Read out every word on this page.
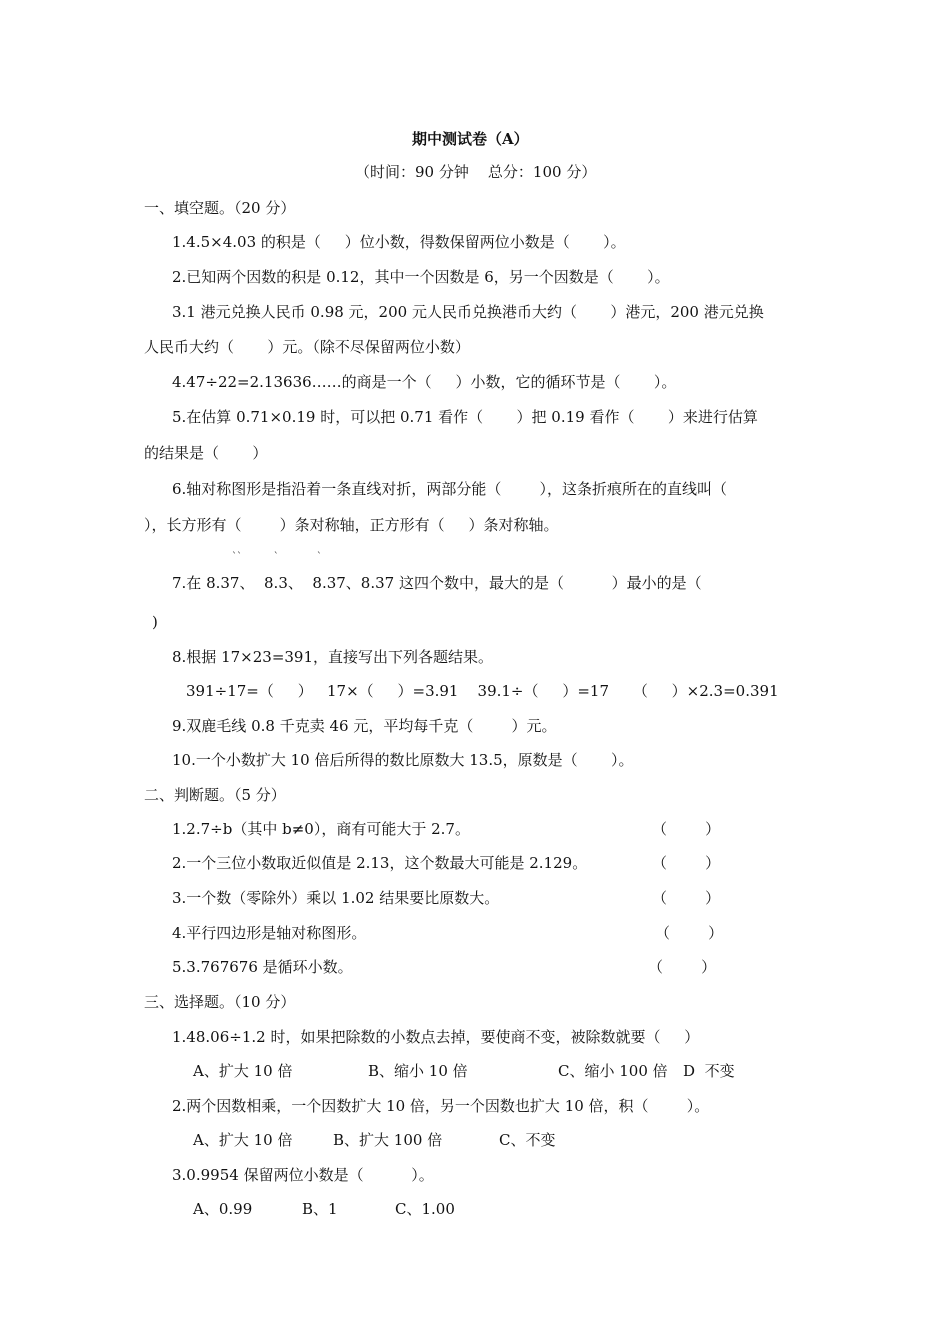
期中测试卷（A）
（时间：90 分钟    总分：100 分）
一、填空题。（20 分）
1.4.5×4.03 的积是（     ）位小数，得数保留两位小数是（       ）。
2.已知两个因数的积是 0.12，其中一个因数是 6，另一个因数是（       ）。
3.1 港元兑换人民币 0.98 元，200 元人民币兑换港币大约（       ）港元，200 港元兑换
人民币大约（       ）元。（除不尽保留两位小数）
4.47÷22=2.13636……的商是一个（     ）小数，它的循环节是（       ）。
5.在估算 0.71×0.19 时，可以把 0.71 看作（       ）把 0.19 看作（       ）来进行估算
的结果是（       ）
6.轴对称图形是指沿着一条直线对折，两部分能（        ），这条折痕所在的直线叫（
），长方形有（        ）条对称轴，正方形有（     ）条对称轴。
``          `            `
7.在 8.37、  8.3、  8.37、8.37 这四个数中，最大的是（          ）最小的是（
)
8.根据 17×23=391，直接写出下列各题结果。
391÷17=（     ）   17×（     ）=3.91    39.1÷（     ）=17     （     ）×2.3=0.391
9.双鹿毛线 0.8 千克卖 46 元，平均每千克（        ）元。
10.一个小数扩大 10 倍后所得的数比原数大 13.5，原数是（       ）。
二、判断题。（5 分）
1.2.7÷b（其中 b≠0），商有可能大于 2.7。	（        ）
2.一个三位小数取近似值是 2.13，这个数最大可能是 2.129。	（        ）
3.一个数（零除外）乘以 1.02 结果要比原数大。	（        ）
4.平行四边形是轴对称图形。	（        ）
5.3.767676 是循环小数。	（        ）
三、选择题。（10 分）
1.48.06÷1.2 时，如果把除数的小数点去掉，要使商不变，被除数就要（     ）
A、扩大 10 倍	B、缩小 10 倍	C、缩小 100 倍 D  不变
2.两个因数相乘，一个因数扩大 10 倍，另一个因数也扩大 10 倍，积（        ）。
A、扩大 10 倍	B、扩大 100 倍	C、不变
3.0.9954 保留两位小数是（          ）。
A、0.99	B、1	C、1.00
